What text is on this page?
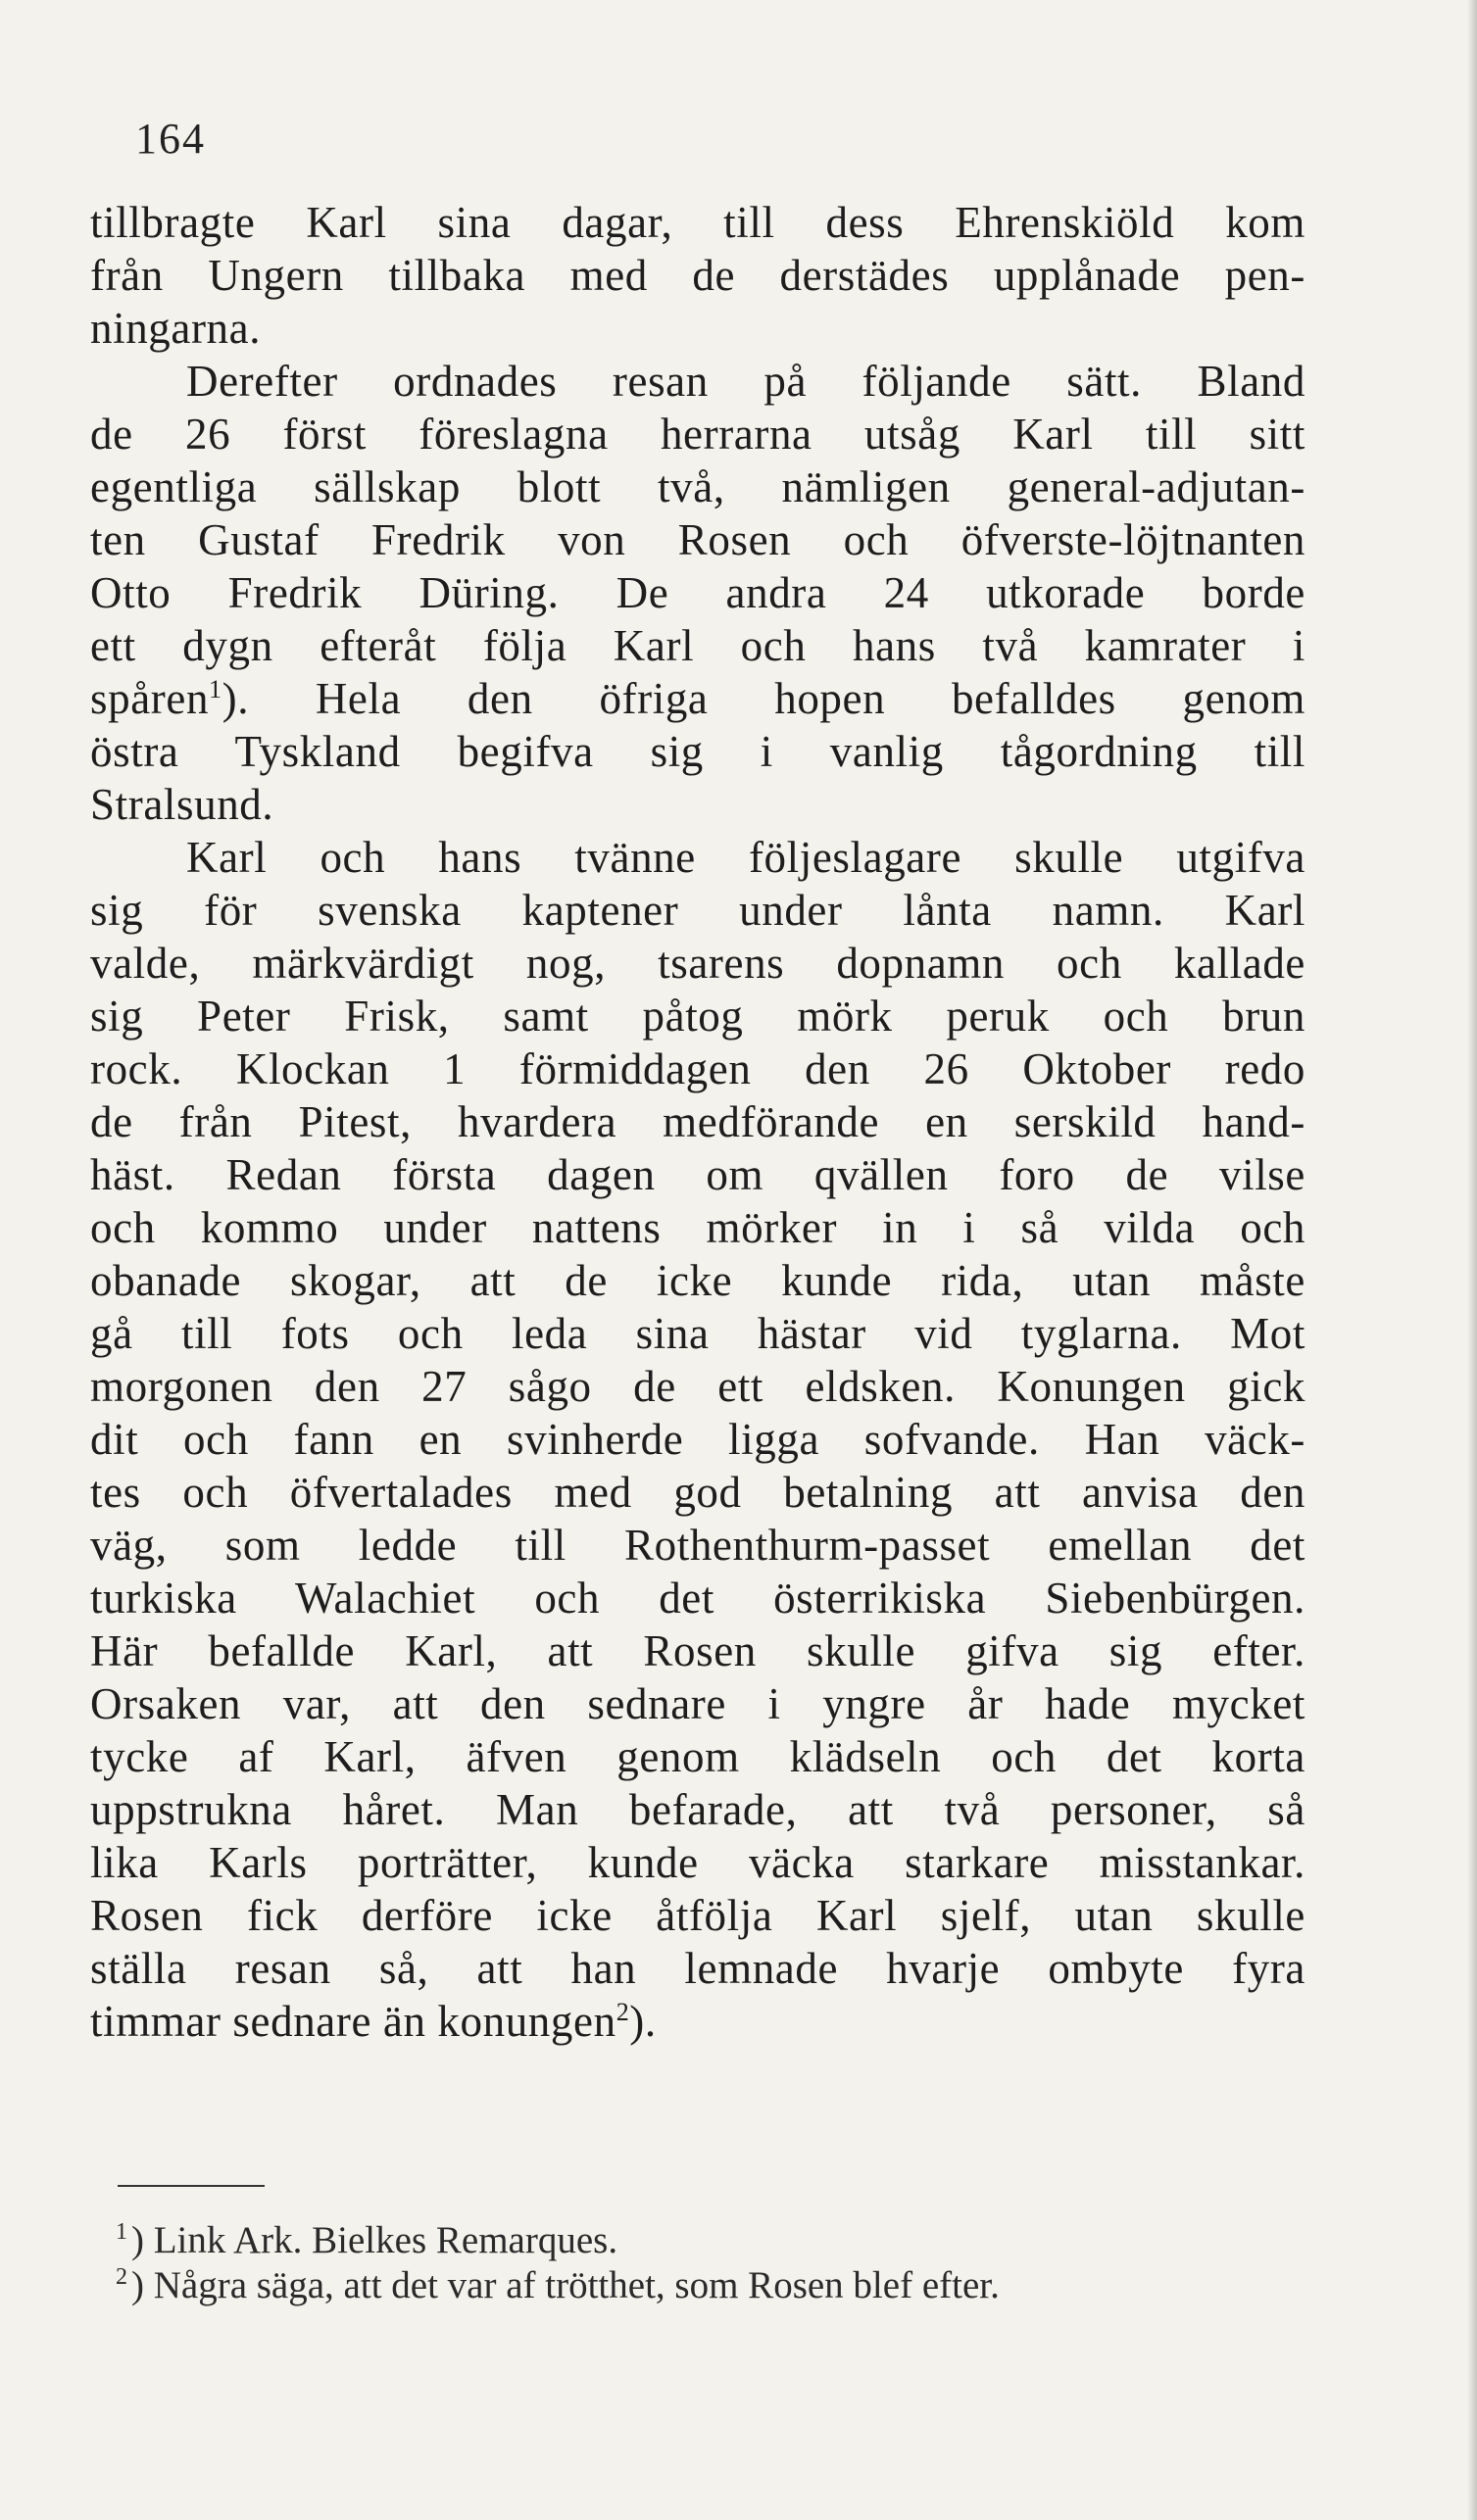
164
tillbragte Karl sina dagar, till dess Ehrenskiöld kom
från Ungern tillbaka med de derstädes upplånade pen-
ningarna.
Derefter ordnades resan på följande sätt. Bland
de 26 först föreslagna herrarna utsåg Karl till sitt
egentliga sällskap blott två, nämligen general-adjutan-
ten Gustaf Fredrik von Rosen och öfverste-löjtnanten
Otto Fredrik Düring. De andra 24 utkorade borde
ett dygn efteråt följa Karl och hans två kamrater i
spåren$^1$). Hela den öfriga hopen befalldes genom
östra Tyskland begifva sig i vanlig tågordning till
Stralsund.
Karl och hans tvänne följeslagare skulle utgifva
sig för svenska kaptener under lånta namn. Karl
valde, märkvärdigt nog, tsarens dopnamn och kallade
sig Peter Frisk, samt påtog mörk peruk och brun
rock. Klockan 1 förmiddagen den 26 Oktober redo
de från Pitest, hvardera medförande en serskild hand-
häst. Redan första dagen om qvällen foro de vilse
och kommo under nattens mörker in i så vilda och
obanade skogar, att de icke kunde rida, utan måste
gå till fots och leda sina hästar vid tyglarna. Mot
morgonen den 27 sågo de ett eldsken. Konungen gick
dit och fann en svinherde ligga sofvande. Han väck-
tes och öfvertalades med god betalning att anvisa den
väg, som ledde till Rothenthurm-passet emellan det
turkiska Walachiet och det österrikiska Siebenbürgen.
Här befallde Karl, att Rosen skulle gifva sig efter.
Orsaken var, att den sednare i yngre år hade mycket
tycke af Karl, äfven genom klädseln och det korta
uppstrukna håret. Man befarade, att två personer, så
lika Karls porträtter, kunde väcka starkare misstankar.
Rosen fick derföre icke åtfölja Karl sjelf, utan skulle
ställa resan så, att han lemnade hvarje ombyte fyra
timmar sednare än konungen$^2$).
$^1$ ) Link Ark. Bielkes Remarques.
$^2$ ) Några säga, att det var af trötthet, som Rosen blef efter.
